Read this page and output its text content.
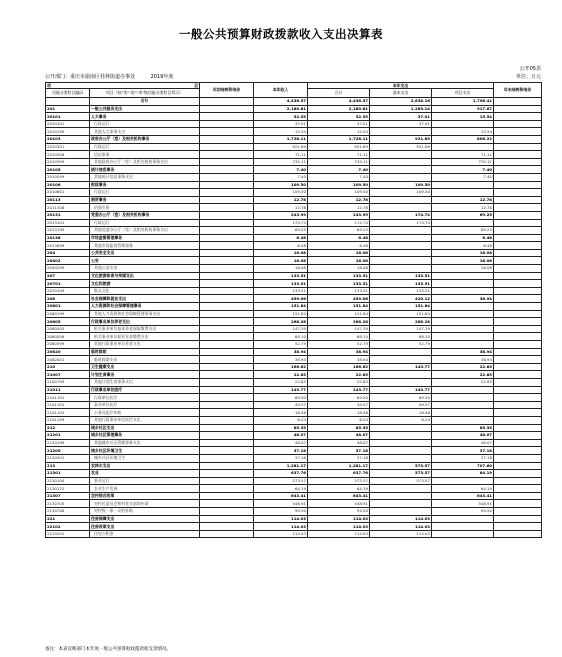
一般公共预算财政拨款收入支出决算表
公开05表
公开部门：重庆市渝南区桂林街道办事处	2019年度	单位：万元
项 目		年初结转和结余	本年收入	本年支出			年末结转和结余
功能分类科目编码	项目（按"类""款""项"级功能分类科目列示）			合计	基本支出	项目支出	
	合计		4,436.57	4,436.57	2,638.16	1,798.41	
201	一般公共服务支出		2,180.81	2,180.81	1,263.14	917.67	
20101	人大事务		52.55	52.55	37.01	15.54	
2010101	行政运行		37.01	37.01	37.01		
2010199	其他人大事务支出		15.54	15.54		15.54	
20103	政府办公厅（室）及相关机构事务		1,728.11	1,728.11	921.89	806.22	
2010301	行政运行		921.89	921.89	921.89		
2010308	信访事务		71.11	71.11		71.11	
2010399	其他政府办公厅（室）及相关机构事务支出		735.11	735.11		735.11	
20105	统计信息事务		7.40	7.40		7.40	
2010599	其他统计信息事务支出		7.40	7.40		7.40	
20106	财政事务		109.50	109.50	109.50		
2010601	行政运行		109.50	109.50	109.50		
20113	商贸事务		12.78	12.78		12.78	
2011308	招商引资		12.78	12.78		12.78	
20131	党委办公厅（室）及相关机构事务		243.99	243.99	174.74	69.25	
2013101	行政运行		174.74	174.74	174.74		
2013199	其他党委办公厅（室）及相关机构事务支出		69.25	69.25		69.25	
20138	市场监督管理事务		6.48	6.48		6.48	
2013899	其他市场监督管理事务		6.48	6.48		6.48	
204	公共安全支出		16.08	16.08		16.08	
20402	公安		16.08	16.08		16.08	
2040299	其他公安支出		16.08	16.08		16.08	
207	文化旅游体育与传媒支出		133.51	133.51	133.51		
20701	文化和旅游		133.51	133.51	133.51		
2070109	群众文化		133.51	133.51	133.51		
208	社会保障和就业支出		459.06	459.06	420.12	38.94	
20801	人力资源和社会保障管理事务		151.84	151.84	151.84		
2080199	其他人力资源和社会保障管理事务支出		151.84	151.84	151.84		
20805	行政事业单位养老支出		268.28	268.28	268.28		
2080505	机关事业单位基本养老保险缴费支出		147.39	147.39	147.39		
2080506	机关事业单位职业年金缴费支出		68.10	68.10	68.10		
2080599	其他行政事业单位养老支出		52.79	52.79	52.79		
20820	临时救助		38.94	38.94		38.94	
2082001	临时救助支出		38.94	38.94		38.94	
210	卫生健康支出		166.62	166.62	143.77	22.85	
21007	计划生育事务		22.85	22.85		22.85	
2100799	其他计划生育事务支出		22.85	22.85		22.85	
21011	行政事业单位医疗		143.77	143.77	143.77		
2101101	行政单位医疗		69.50	69.50	69.50		
2101102	事业单位医疗		49.57	49.57	49.57		
2101103	公务员医疗补助		18.46	18.46	18.46		
2101199	其他行政事业单位医疗支出		6.24	6.24	6.24		
212	城乡社区支出		85.35	85.35		85.35	
21201	城乡社区管理事务		48.07	48.07		48.07	
2120199	其他城乡社区管理事务支出		48.07	48.07		48.07	
21205	城乡社区环境卫生		37.18	37.18		37.18	
2120501	城乡社区环境卫生		37.18	37.18		37.18	
213	农林水支出		1,281.17	1,281.17	573.57	707.60	
21301	农业		637.76	637.76	573.57	64.19	
2130104	事业运行		573.57	573.57	573.57		
2130122	农业生产发展		64.19	64.19		64.19	
21307	农村综合改革		643.41	643.41		643.41	
2130705	对村民委员会和村党支部的补助		548.91	548.91		548.91	
2130706	对村级一事一议的补助		94.50	94.50		94.50	
221	住房保障支出		114.03	114.03	114.03		
22102	住房改革支出		114.03	114.03	114.03		
2210201	住房公积金		114.03	114.03	114.03		
备注：本表反映部门本年度一般公共预算财政拨款收支余情况。
